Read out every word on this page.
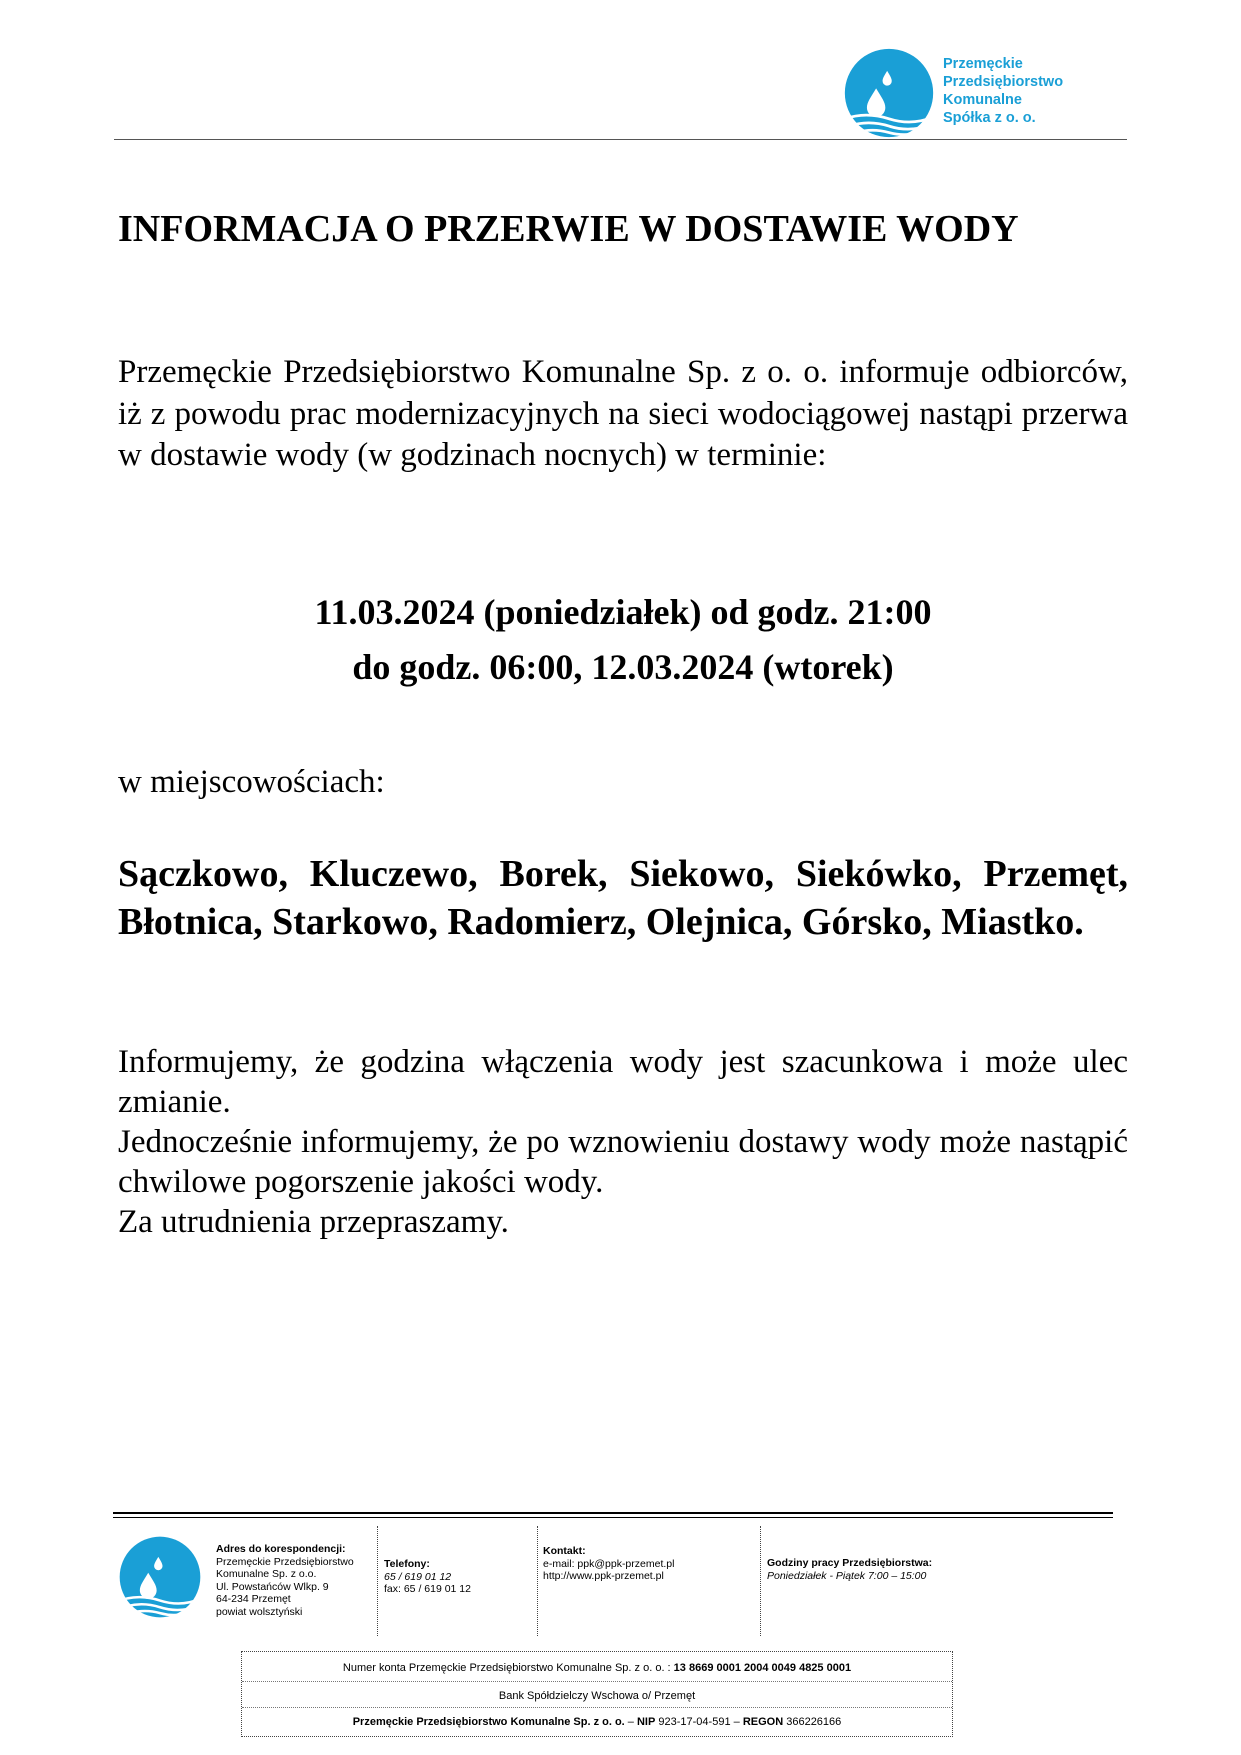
Przemęckie
Przedsiębiorstwo
Komunalne
Spółka z o. o.
INFORMACJA O PRZERWIE W DOSTAWIE WODY
Przemęckie Przedsiębiorstwo Komunalne Sp. z o. o. informuje odbiorców, iż z powodu prac modernizacyjnych na sieci wodociągowej nastąpi przerwa w dostawie wody (w godzinach nocnych) w terminie:
11.03.2024 (poniedziałek) od godz. 21:00
do godz. 06:00, 12.03.2024 (wtorek)
w miejscowościach:
Sączkowo, Kluczewo, Borek, Siekowo, Siekówko, Przemęt, Błotnica, Starkowo, Radomierz, Olejnica, Górsko, Miastko.

Informujemy, że godzina włączenia wody jest szacunkowa i może ulec zmianie.

Jednocześnie informujemy, że po wznowieniu dostawy wody może nastąpić chwilowe pogorszenie jakości wody.

Za utrudnienia przepraszamy.

Adres do korespondencji:
Przemęckie Przedsiębiorstwo
Komunalne Sp. z o.o.
Ul. Powstańców Wlkp. 9
64-234 Przemęt
powiat wolsztyński
Telefony:
65 / 619 01 12
fax: 65 / 619 01 12
Kontakt:
e-mail: ppk@ppk-przemet.pl
http://www.ppk-przemet.pl
Godziny pracy Przedsiębiorstwa:
Poniedziałek - Piątek 7:00 – 15:00
Numer konta Przemęckie Przedsiębiorstwo Komunalne Sp. z o. o. : 13 8669 0001 2004 0049 4825 0001
Bank Spółdzielczy Wschowa o/ Przemęt
Przemęckie Przedsiębiorstwo Komunalne Sp. z o. o. – NIP 923-17-04-591 – REGON 366226166
